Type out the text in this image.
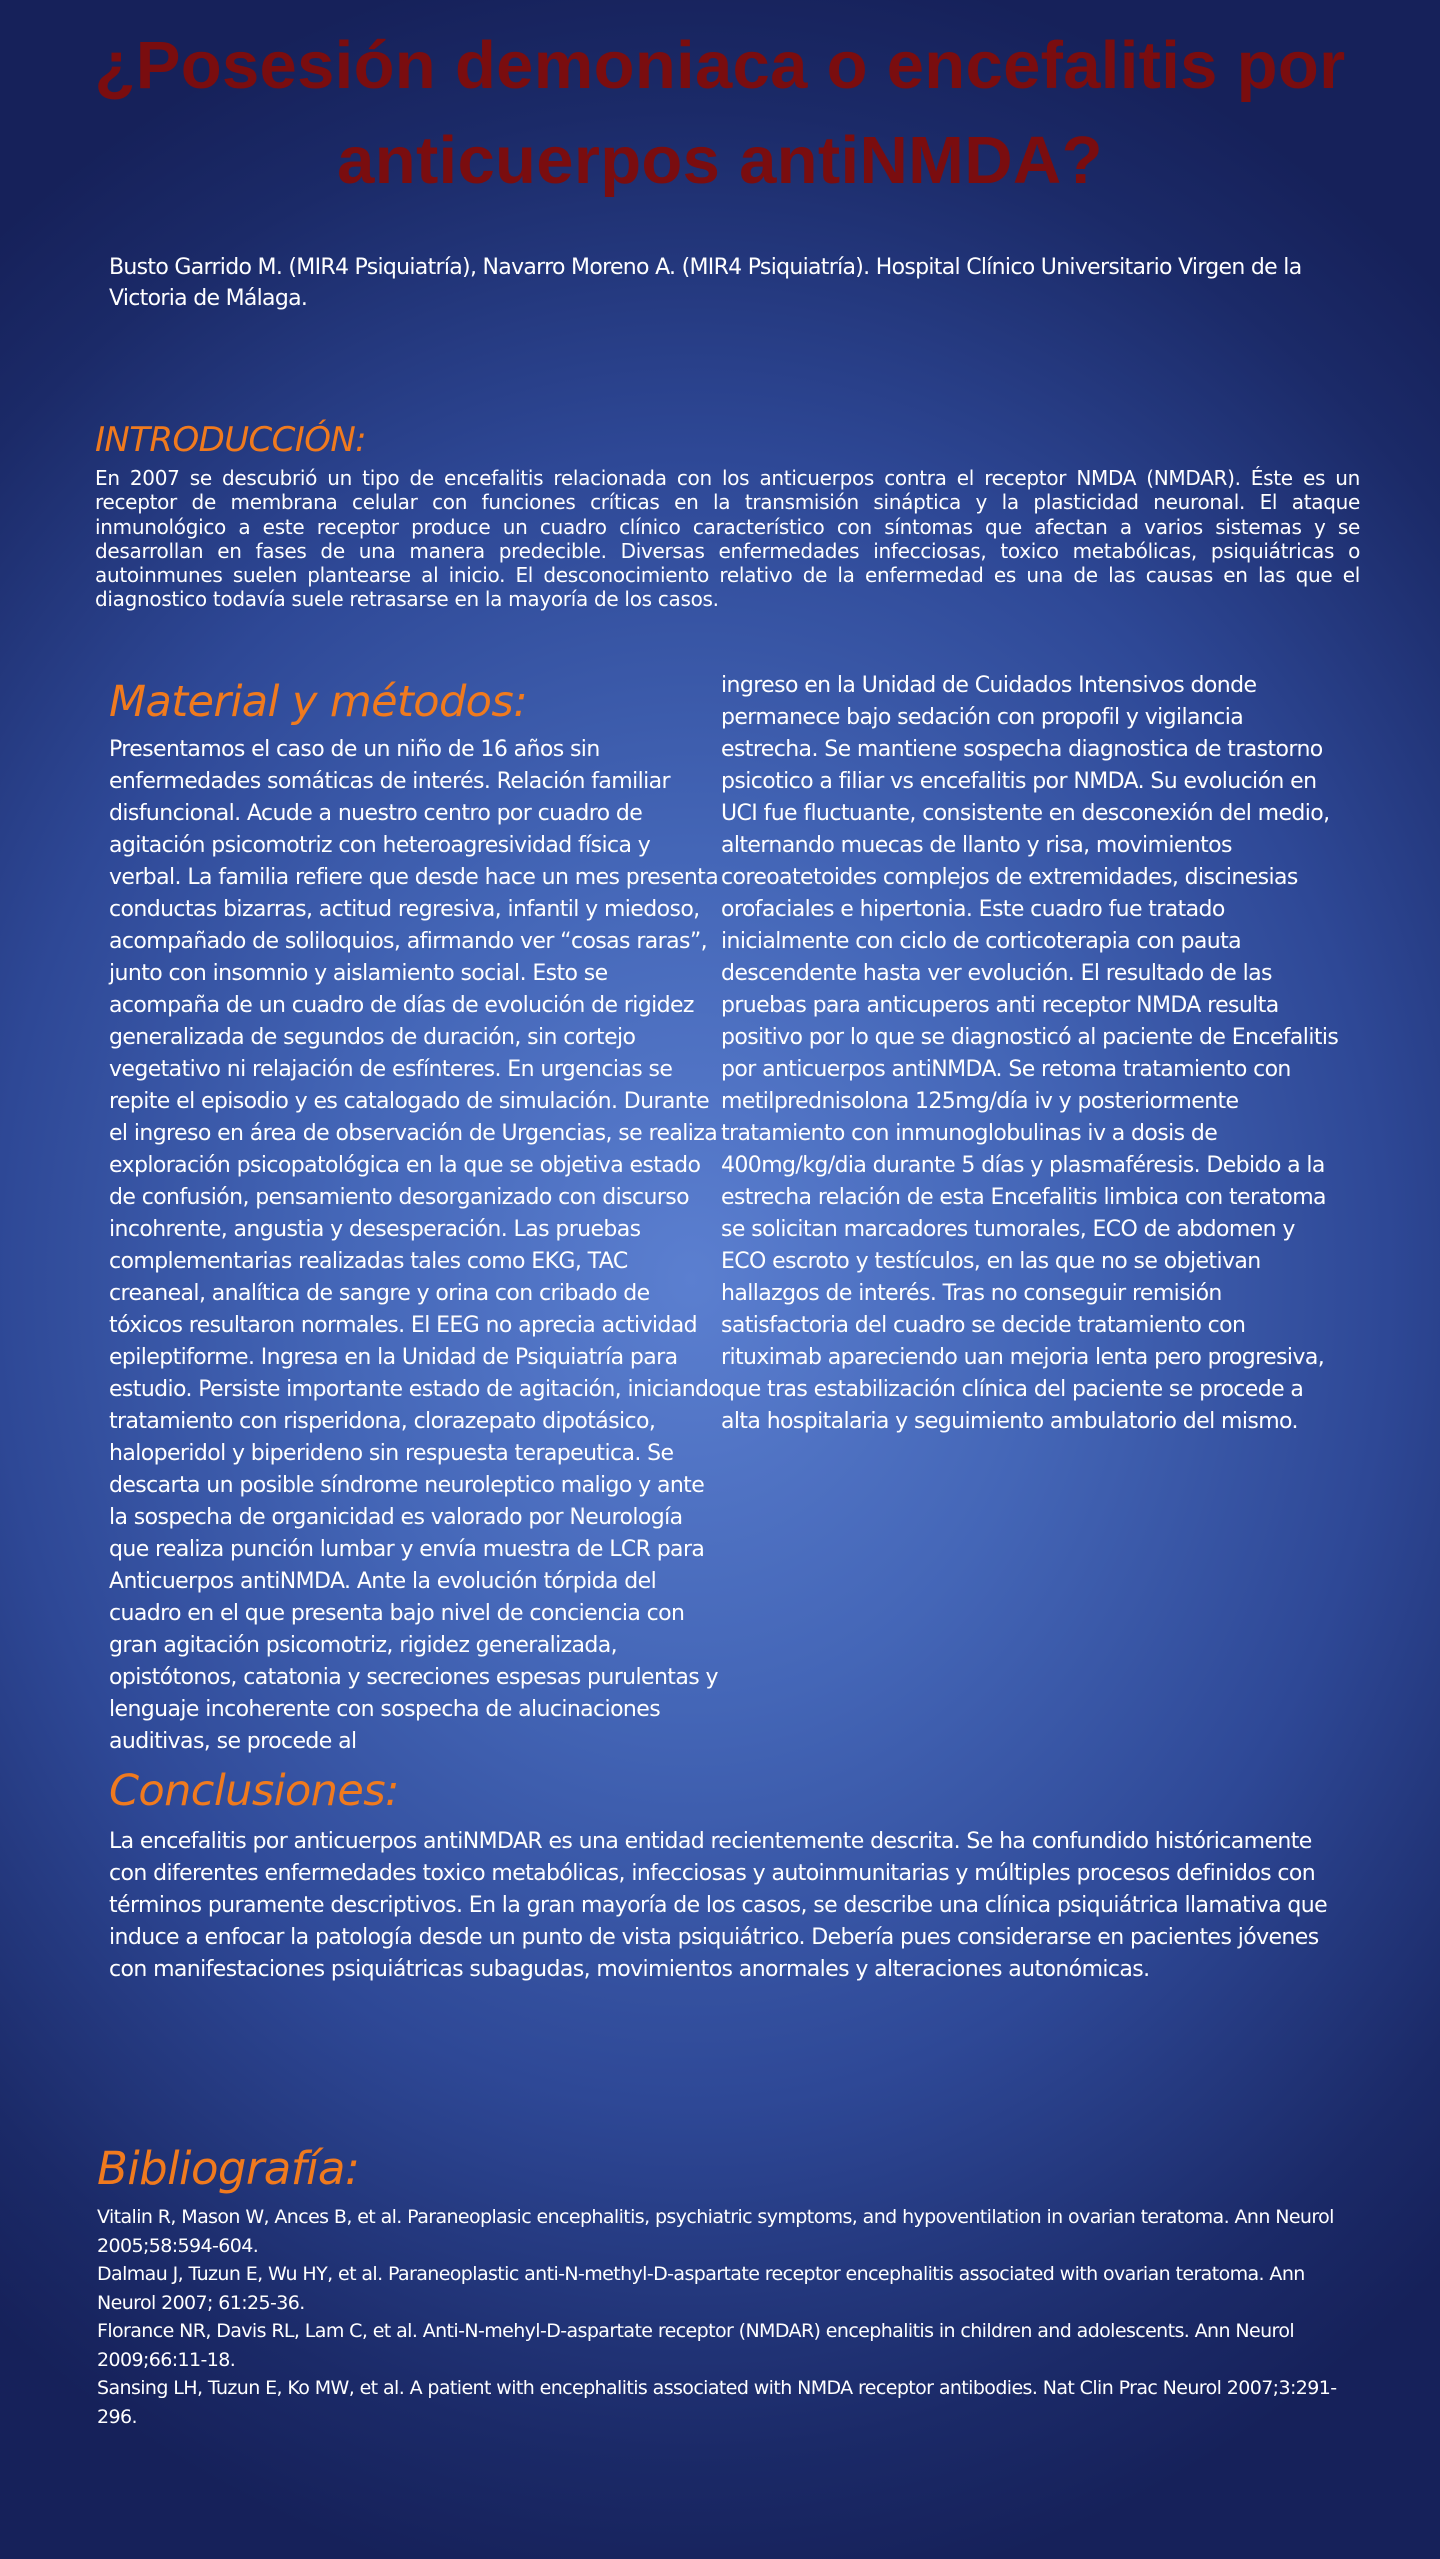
¿Posesión demoniaca o encefalitis por anticuerpos antiNMDA?

Busto Garrido M. (MIR4 Psiquiatría), Navarro Moreno A. (MIR4 Psiquiatría). Hospital Clínico Universitario Virgen de la Victoria de Málaga.

INTRODUCCIÓN:

En 2007 se descubrió un tipo de encefalitis relacionada con los anticuerpos contra el receptor NMDA (NMDAR). Éste es un receptor de membrana celular con funciones críticas en la transmisión sináptica y la plasticidad neuronal. El ataque inmunológico a este receptor produce un cuadro clínico característico con síntomas que afectan a varios sistemas y se desarrollan en fases de una manera predecible. Diversas enfermedades infecciosas, toxico metabólicas, psiquiátricas o autoinmunes suelen plantearse al inicio. El desconocimiento relativo de la enfermedad es una de las causas en las que el diagnostico todavía suele retrasarse en la mayoría de los casos.

Material y métodos:

Presentamos el caso de un niño de 16 años sin enfermedades somáticas de interés. Relación familiar disfuncional. Acude a nuestro centro por cuadro de agitación psicomotriz con heteroagresividad física y verbal. La familia refiere que desde hace un mes presenta conductas bizarras, actitud regresiva, infantil y miedoso, acompañado de soliloquios, afirmando ver “cosas raras”, junto con insomnio y aislamiento social. Esto se acompaña de un cuadro de días de evolución de rigidez generalizada de segundos de duración, sin cortejo vegetativo ni relajación de esfínteres. En urgencias se repite el episodio y es catalogado de simulación. Durante el ingreso en área de observación de Urgencias, se realiza exploración psicopatológica en la que se objetiva estado de confusión, pensamiento desorganizado con discurso incohrente, angustia y desesperación. Las pruebas complementarias realizadas tales como EKG, TAC creaneal, analítica de sangre y orina con cribado de tóxicos resultaron normales. El EEG no aprecia actividad epileptiforme. Ingresa en la Unidad de Psiquiatría para estudio. Persiste importante estado de agitación, iniciando tratamiento con risperidona, clorazepato dipotásico, haloperidol y biperideno sin respuesta terapeutica. Se descarta un posible síndrome neuroleptico maligo y ante la sospecha de organicidad es valorado por Neurología que realiza punción lumbar y envía muestra de LCR para Anticuerpos antiNMDA. Ante la evolución tórpida del cuadro en el que presenta bajo nivel de conciencia con gran agitación psicomotriz, rigidez generalizada, opistótonos, catatonia y secreciones espesas purulentas y lenguaje incoherente con sospecha de alucinaciones auditivas, se procede al

ingreso en la Unidad de Cuidados Intensivos donde permanece bajo sedación con propofil y vigilancia estrecha. Se mantiene sospecha diagnostica de trastorno psicotico a filiar vs encefalitis por NMDA. Su evolución en UCI fue fluctuante, consistente en desconexión del medio, alternando muecas de llanto y risa, movimientos coreoatetoides complejos de extremidades, discinesias orofaciales e hipertonia. Este cuadro fue tratado inicialmente con ciclo de corticoterapia con pauta descendente hasta ver evolución. El resultado de las pruebas para anticuperos anti receptor NMDA resulta positivo por lo que se diagnosticó al paciente de Encefalitis por anticuerpos antiNMDA. Se retoma tratamiento con metilprednisolona 125mg/día iv y posteriormente tratamiento con inmunoglobulinas iv a dosis de 400mg/kg/dia durante 5 días y plasmaféresis. Debido a la estrecha relación de esta Encefalitis limbica con teratoma se solicitan marcadores tumorales, ECO de abdomen y ECO escroto y testículos, en las que no se objetivan hallazgos de interés. Tras no conseguir remisión satisfactoria del cuadro se decide tratamiento con rituximab apareciendo uan mejoria lenta pero progresiva, que tras estabilización clínica del paciente se procede a alta hospitalaria y seguimiento ambulatorio del mismo.

Conclusiones:

La encefalitis por anticuerpos antiNMDAR es una entidad recientemente descrita. Se ha confundido históricamente con diferentes enfermedades toxico metabólicas, infecciosas y autoinmunitarias y múltiples procesos definidos con términos puramente descriptivos. En la gran mayoría de los casos, se describe una clínica psiquiátrica llamativa que induce a enfocar la patología desde un punto de vista psiquiátrico. Debería pues considerarse en pacientes jóvenes con manifestaciones psiquiátricas subagudas, movimientos anormales y alteraciones autonómicas.

Bibliografía:
Vitalin R, Mason W, Ances B, et al. Paraneoplasic encephalitis, psychiatric symptoms, and hypoventilation in ovarian teratoma. Ann Neurol 2005;58:594-604.
Dalmau J, Tuzun E, Wu HY, et al. Paraneoplastic anti-N-methyl-D-aspartate receptor encephalitis associated with ovarian teratoma. Ann Neurol 2007; 61:25-36.
Florance NR, Davis RL, Lam C, et al. Anti-N-mehyl-D-aspartate receptor (NMDAR) encephalitis in children and adolescents. Ann Neurol 2009;66:11-18.
Sansing LH, Tuzun E, Ko MW, et al. A patient with encephalitis associated with NMDA receptor antibodies. Nat Clin Prac Neurol 2007;3:291-296.
